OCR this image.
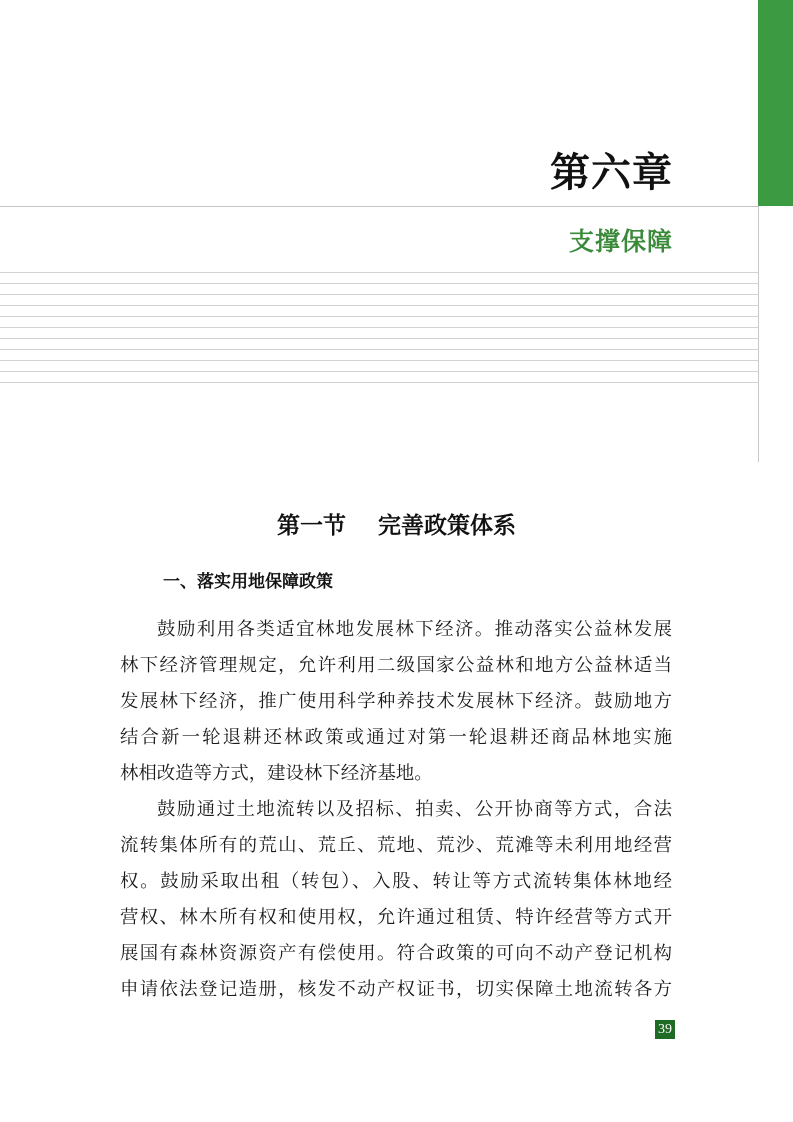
第六章
支撑保障
第一节    完善政策体系
一、落实用地保障政策
鼓励利用各类适宜林地发展林下经济。推动落实公益林发展
林下经济管理规定，允许利用二级国家公益林和地方公益林适当
发展林下经济，推广使用科学种养技术发展林下经济。鼓励地方
结合新一轮退耕还林政策或通过对第一轮退耕还商品林地实施
林相改造等方式，建设林下经济基地。
鼓励通过土地流转以及招标、拍卖、公开协商等方式，合法
流转集体所有的荒山、荒丘、荒地、荒沙、荒滩等未利用地经营
权。鼓励采取出租（转包）、入股、转让等方式流转集体林地经
营权、林木所有权和使用权，允许通过租赁、特许经营等方式开
展国有森林资源资产有偿使用。符合政策的可向不动产登记机构
申请依法登记造册，核发不动产权证书，切实保障土地流转各方
39
